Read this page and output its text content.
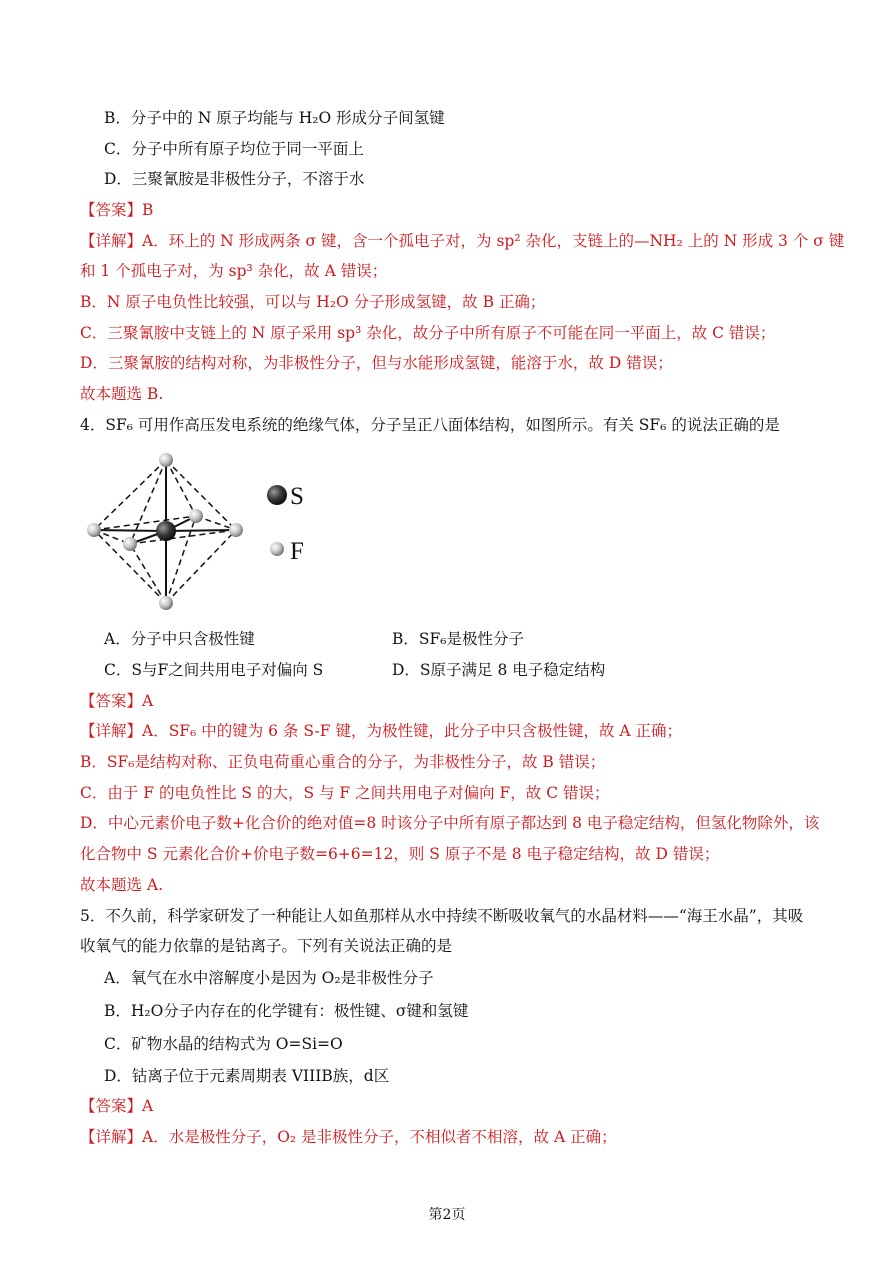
B．分子中的 N 原子均能与 H₂O 形成分子间氢键
C．分子中所有原子均位于同一平面上
D．三聚氰胺是非极性分子，不溶于水
【答案】B
【详解】A．环上的 N 形成两条 σ 键，含一个孤电子对，为 sp² 杂化，支链上的—NH₂ 上的 N 形成 3 个 σ 键
和 1 个孤电子对，为 sp³ 杂化，故 A 错误；
B．N 原子电负性比较强，可以与 H₂O 分子形成氢键，故 B 正确；
C．三聚氰胺中支链上的 N 原子采用 sp³ 杂化，故分子中所有原子不可能在同一平面上，故 C 错误；
D．三聚氰胺的结构对称，为非极性分子，但与水能形成氢键，能溶于水，故 D 错误；
故本题选 B.
4．SF₆ 可用作高压发电系统的绝缘气体，分子呈正八面体结构，如图所示。有关 SF₆ 的说法正确的是
S
F
A．分子中只含极性键	B．SF₆是极性分子
C．S与F之间共用电子对偏向 S	D．S原子满足 8 电子稳定结构
【答案】A
【详解】A．SF₆ 中的键为 6 条 S-F 键，为极性键，此分子中只含极性键，故 A 正确；
B．SF₆是结构对称、正负电荷重心重合的分子，为非极性分子，故 B 错误；
C．由于 F 的电负性比 S 的大，S 与 F 之间共用电子对偏向 F，故 C 错误；
D．中心元素价电子数+化合价的绝对值=8 时该分子中所有原子都达到 8 电子稳定结构，但氢化物除外，该
化合物中 S 元素化合价+价电子数=6+6=12，则 S 原子不是 8 电子稳定结构，故 D 错误；
故本题选 A.
5．不久前，科学家研发了一种能让人如鱼那样从水中持续不断吸收氧气的水晶材料——“海王水晶”，其吸
收氧气的能力依靠的是钴离子。下列有关说法正确的是
A．氧气在水中溶解度小是因为 O₂是非极性分子
B．H₂O分子内存在的化学键有：极性键、σ键和氢键
C．矿物水晶的结构式为 O=Si=O
D．钴离子位于元素周期表 VIIIB族，d区
【答案】A
【详解】A．水是极性分子，O₂ 是非极性分子，不相似者不相溶，故 A 正确；
第2页
